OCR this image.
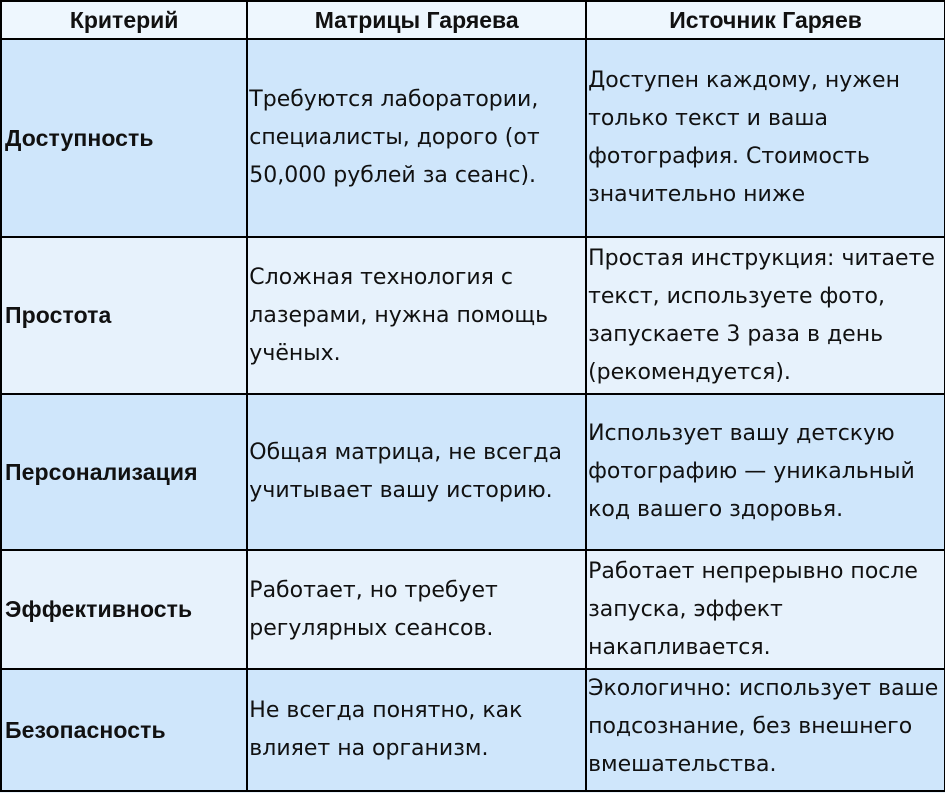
Критерий	Матрицы Гаряева	Источник Гаряев
Доступность	Требуются лаборатории, специалисты, дорого (от 50,000 рублей за сеанс).	Доступен каждому, нужен только текст и ваша фотография. Стоимость значительно ниже
Простота	Сложная технология с лазерами, нужна помощь учёных.	Простая инструкция: читаете текст, используете фото, запускаете 3 раза в день (рекомендуется).
Персонализация	Общая матрица, не всегда учитывает вашу историю.	Использует вашу детскую фотографию — уникальный код вашего здоровья.
Эффективность	Работает, но требует регулярных сеансов.	Работает непрерывно после запуска, эффект накапливается.
Безопасность	Не всегда понятно, как влияет на организм.	Экологично: использует ваше подсознание, без внешнего вмешательства.
